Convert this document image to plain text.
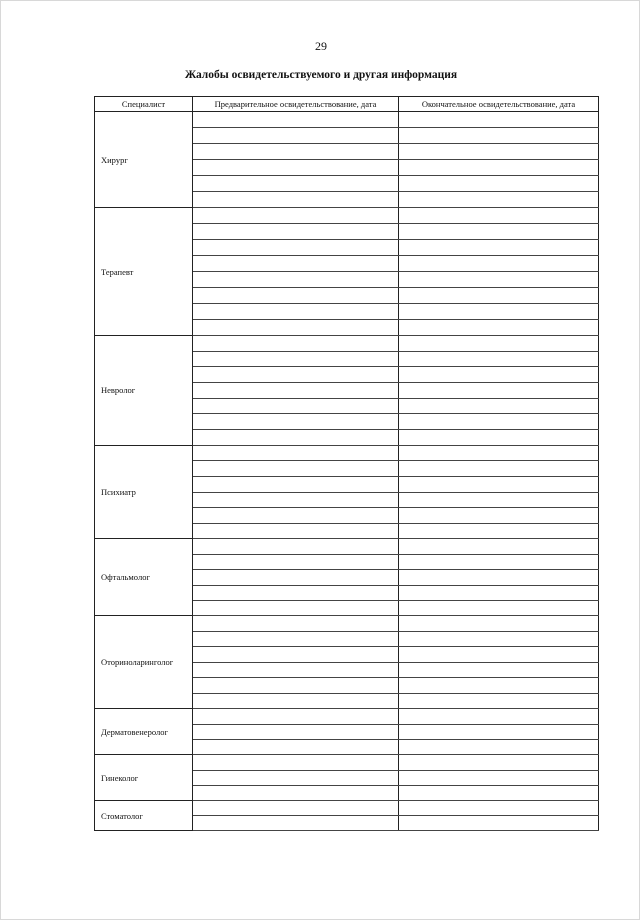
29
Жалобы освидетельствуемого и другая информация
Специалист	Предварительное освидетельствование, дата	Окончательное освидетельствование, дата
Хирург		

Терапевт		

Невролог		

Психиатр		

Офтальмолог		

Оториноларинголог		

Дерматовенеролог		

Гинеколог		

Стоматолог		
